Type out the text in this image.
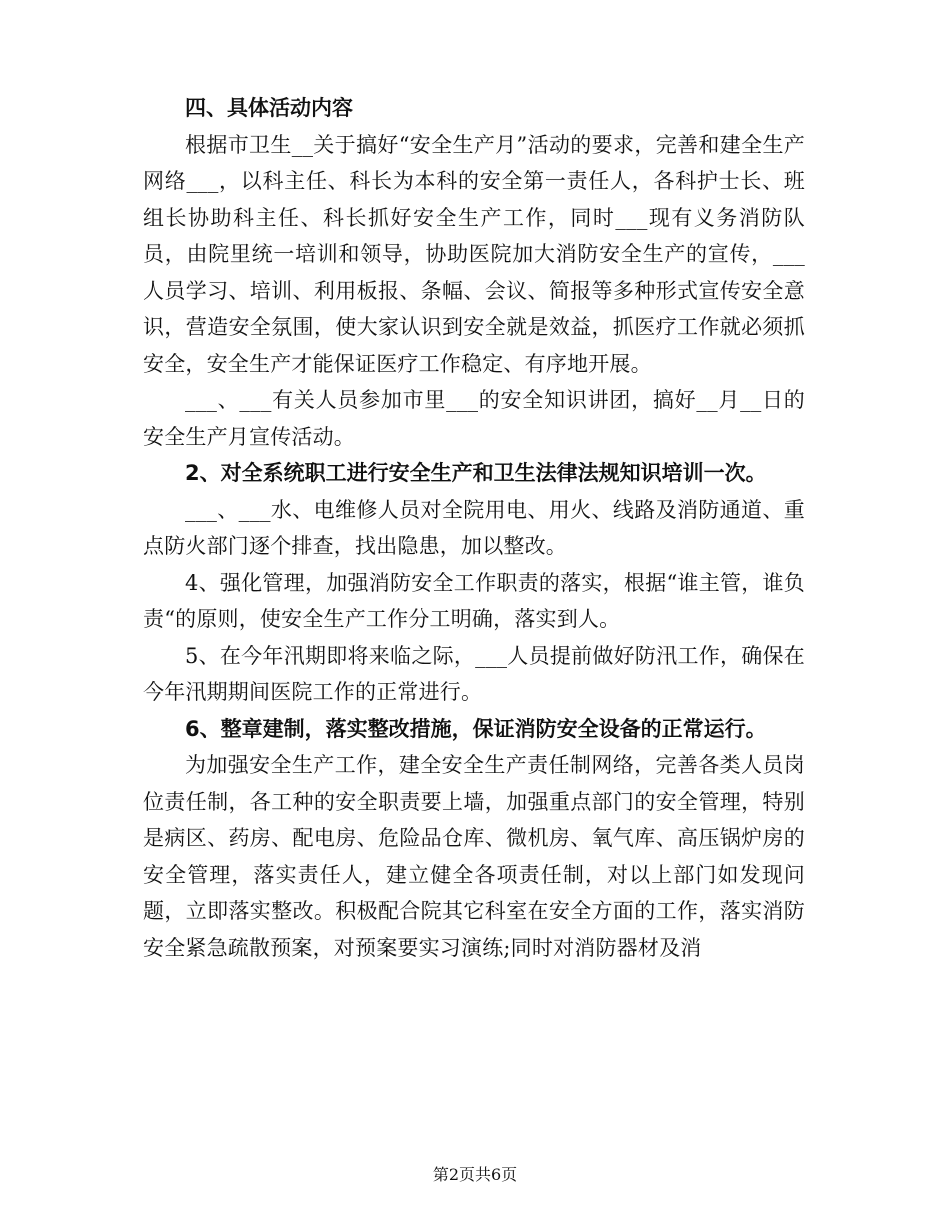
四、具体活动内容

根据市卫生__关于搞好“安全生产月”活动的要求，完善和建全生产网络___，以科主任、科长为本科的安全第一责任人，各科护士长、班组长协助科主任、科长抓好安全生产工作，同时___现有义务消防队员，由院里统一培训和领导，协助医院加大消防安全生产的宣传，___人员学习、培训、利用板报、条幅、会议、简报等多种形式宣传安全意识，营造安全氛围，使大家认识到安全就是效益，抓医疗工作就必须抓安全，安全生产才能保证医疗工作稳定、有序地开展。

___、___有关人员参加市里___的安全知识讲团，搞好__月__日的安全生产月宣传活动。

2、对全系统职工进行安全生产和卫生法律法规知识培训一次。

___、___水、电维修人员对全院用电、用火、线路及消防通道、重点防火部门逐个排查，找出隐患，加以整改。

4、强化管理，加强消防安全工作职责的落实，根据“谁主管，谁负责“的原则，使安全生产工作分工明确，落实到人。

5、在今年汛期即将来临之际，___人员提前做好防汛工作，确保在今年汛期期间医院工作的正常进行。

6、整章建制，落实整改措施，保证消防安全设备的正常运行。

为加强安全生产工作，建全安全生产责任制网络，完善各类人员岗位责任制，各工种的安全职责要上墙，加强重点部门的安全管理，特别是病区、药房、配电房、危险品仓库、微机房、氧气库、高压锅炉房的安全管理，落实责任人，建立健全各项责任制，对以上部门如发现问题，立即落实整改。积极配合院其它科室在安全方面的工作，落实消防安全紧急疏散预案，对预案要实习演练;同时对消防器材及消

第2页共6页
